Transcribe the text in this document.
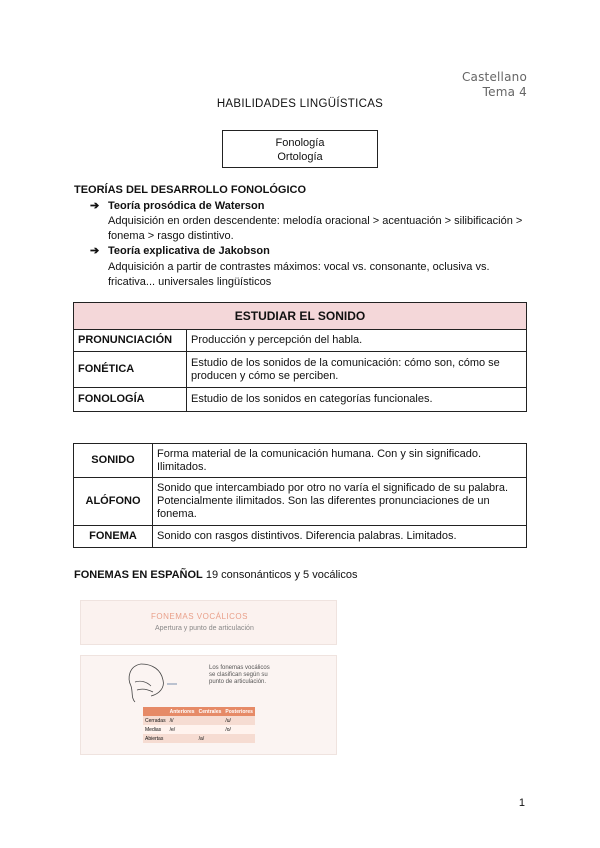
Castellano
Tema 4
HABILIDADES LINGÜÍSTICAS
Fonología
Ortología
TEORÍAS DEL DESARROLLO FONOLÓGICO
➔ Teoría prosódica de Waterson
Adquisición en orden descendente: melodía oracional > acentuación > silibificación >
fonema > rasgo distintivo.
➔ Teoría explicativa de Jakobson
Adquisición a partir de contrastes máximos: vocal vs. consonante, oclusiva vs.
fricativa... universales lingüísticos
ESTUDIAR EL SONIDO	
PRONUNCIACIÓN	Producción y percepción del habla.
FONÉTICA	Estudio de los sonidos de la comunicación: cómo son, cómo se producen y cómo se perciben.
FONOLOGÍA	Estudio de los sonidos en categorías funcionales.
SONIDO	Forma material de la comunicación humana. Con y sin significado. Ilimitados.
ALÓFONO	Sonido que intercambiado por otro no varía el significado de su palabra. Potencialmente ilimitados. Son las diferentes pronunciaciones de un fonema.
FONEMA	Sonido con rasgos distintivos. Diferencia palabras. Limitados.
FONEMAS EN ESPAÑOL 19 consonánticos y 5 vocálicos
FONEMAS VOCÁLICOS
Apertura y punto de articulación
Los fonemas vocálicos se clasifican según su punto de articulación.
	Anteriores	Centrales	Posteriores
Cerradas	/i/		/u/
Medias	/e/		/o/
Abiertas		/a/	
1
